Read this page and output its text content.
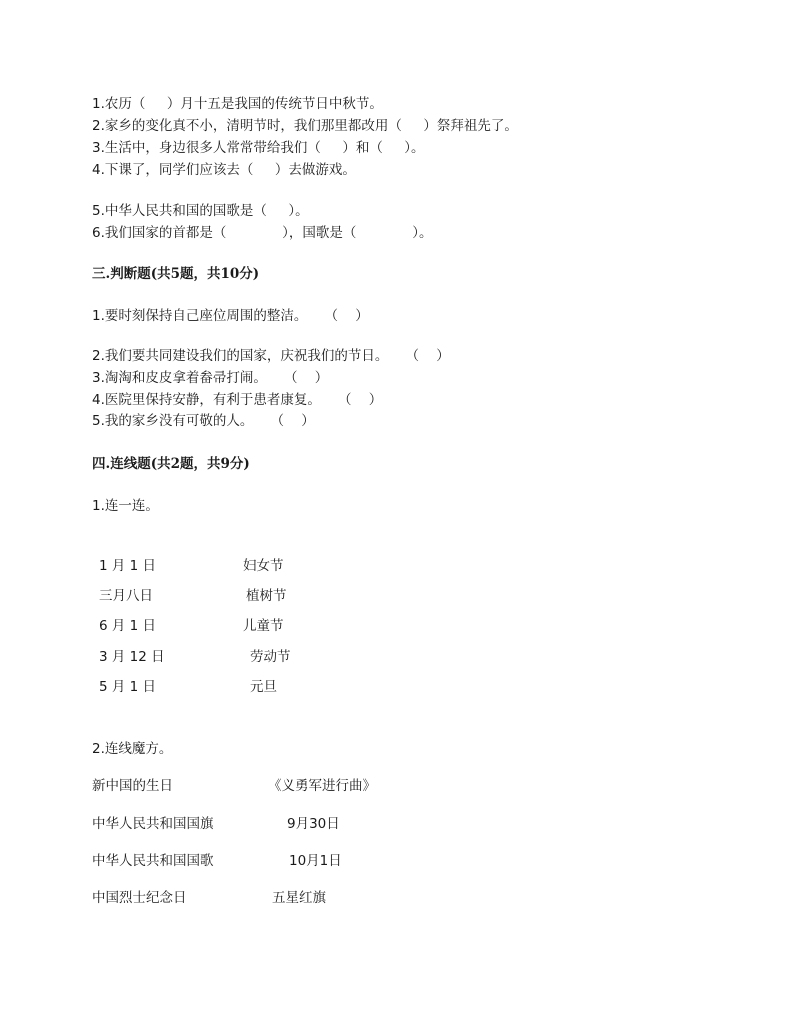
1.农历（     ）月十五是我国的传统节日中秋节。
2.家乡的变化真不小，清明节时，我们那里都改用（     ）祭拜祖先了。
3.生活中，身边很多人常常带给我们（     ）和（     ）。
4.下课了，同学们应该去（     ）去做游戏。
5.中华人民共和国的国歌是（     ）。
6.我们国家的首都是（             ），国歌是（             ）。
三.判断题(共5题，共10分)
1.要时刻保持自己座位周围的整洁。    （    ）
2.我们要共同建设我们的国家，庆祝我们的节日。    （    ）
3.淘淘和皮皮拿着畚帚打闹。    （    ）
4.医院里保持安静，有利于患者康复。    （    ）
5.我的家乡没有可敬的人。    （    ）
四.连线题(共2题，共9分)
1.连一连。
1 月 1 日
三月八日
6 月 1 日
3 月 12 日
5 月 1 日
妇女节
植树节
儿童节
劳动节
元旦
2.连线魔方。
新中国的生日
中华人民共和国国旗
中华人民共和国国歌
中国烈士纪念日
《义勇军进行曲》
9月30日
10月1日
五星红旗
